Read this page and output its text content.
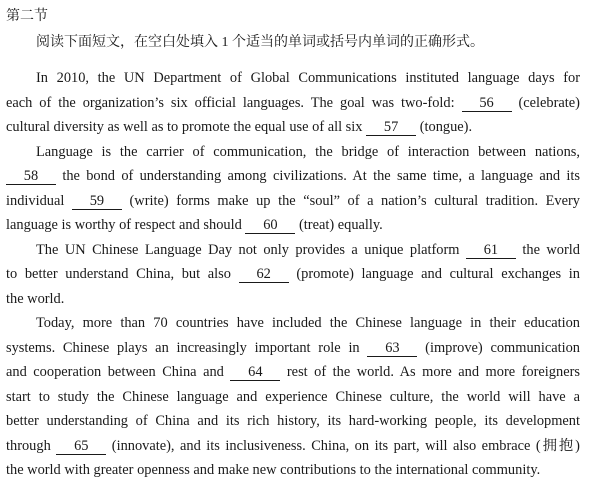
第二节
阅读下面短文，在空白处填入 1 个适当的单词或括号内单词的正确形式。
In 2010, the UN Department of Global Communications instituted language days for
each of the organization’s six official languages. The goal was two-fold: 56 (celebrate)
cultural diversity as well as to promote the equal use of all six 57 (tongue).
Language is the carrier of communication, the bridge of interaction between nations,
58 the bond of understanding among civilizations. At the same time, a language and its
individual 59 (write) forms make up the “soul” of a nation’s cultural tradition. Every
language is worthy of respect and should 60 (treat) equally.
The UN Chinese Language Day not only provides a unique platform 61 the world
to better understand China, but also 62 (promote) language and cultural exchanges in
the world.
Today, more than 70 countries have included the Chinese language in their education
systems. Chinese plays an increasingly important role in 63 (improve) communication
and cooperation between China and 64 rest of the world. As more and more foreigners
start to study the Chinese language and experience Chinese culture, the world will have a
better understanding of China and its rich history, its hard-working people, its development
through 65 (innovate), and its inclusiveness. China, on its part, will also embrace (拥抱)
the world with greater openness and make new contributions to the international community.
